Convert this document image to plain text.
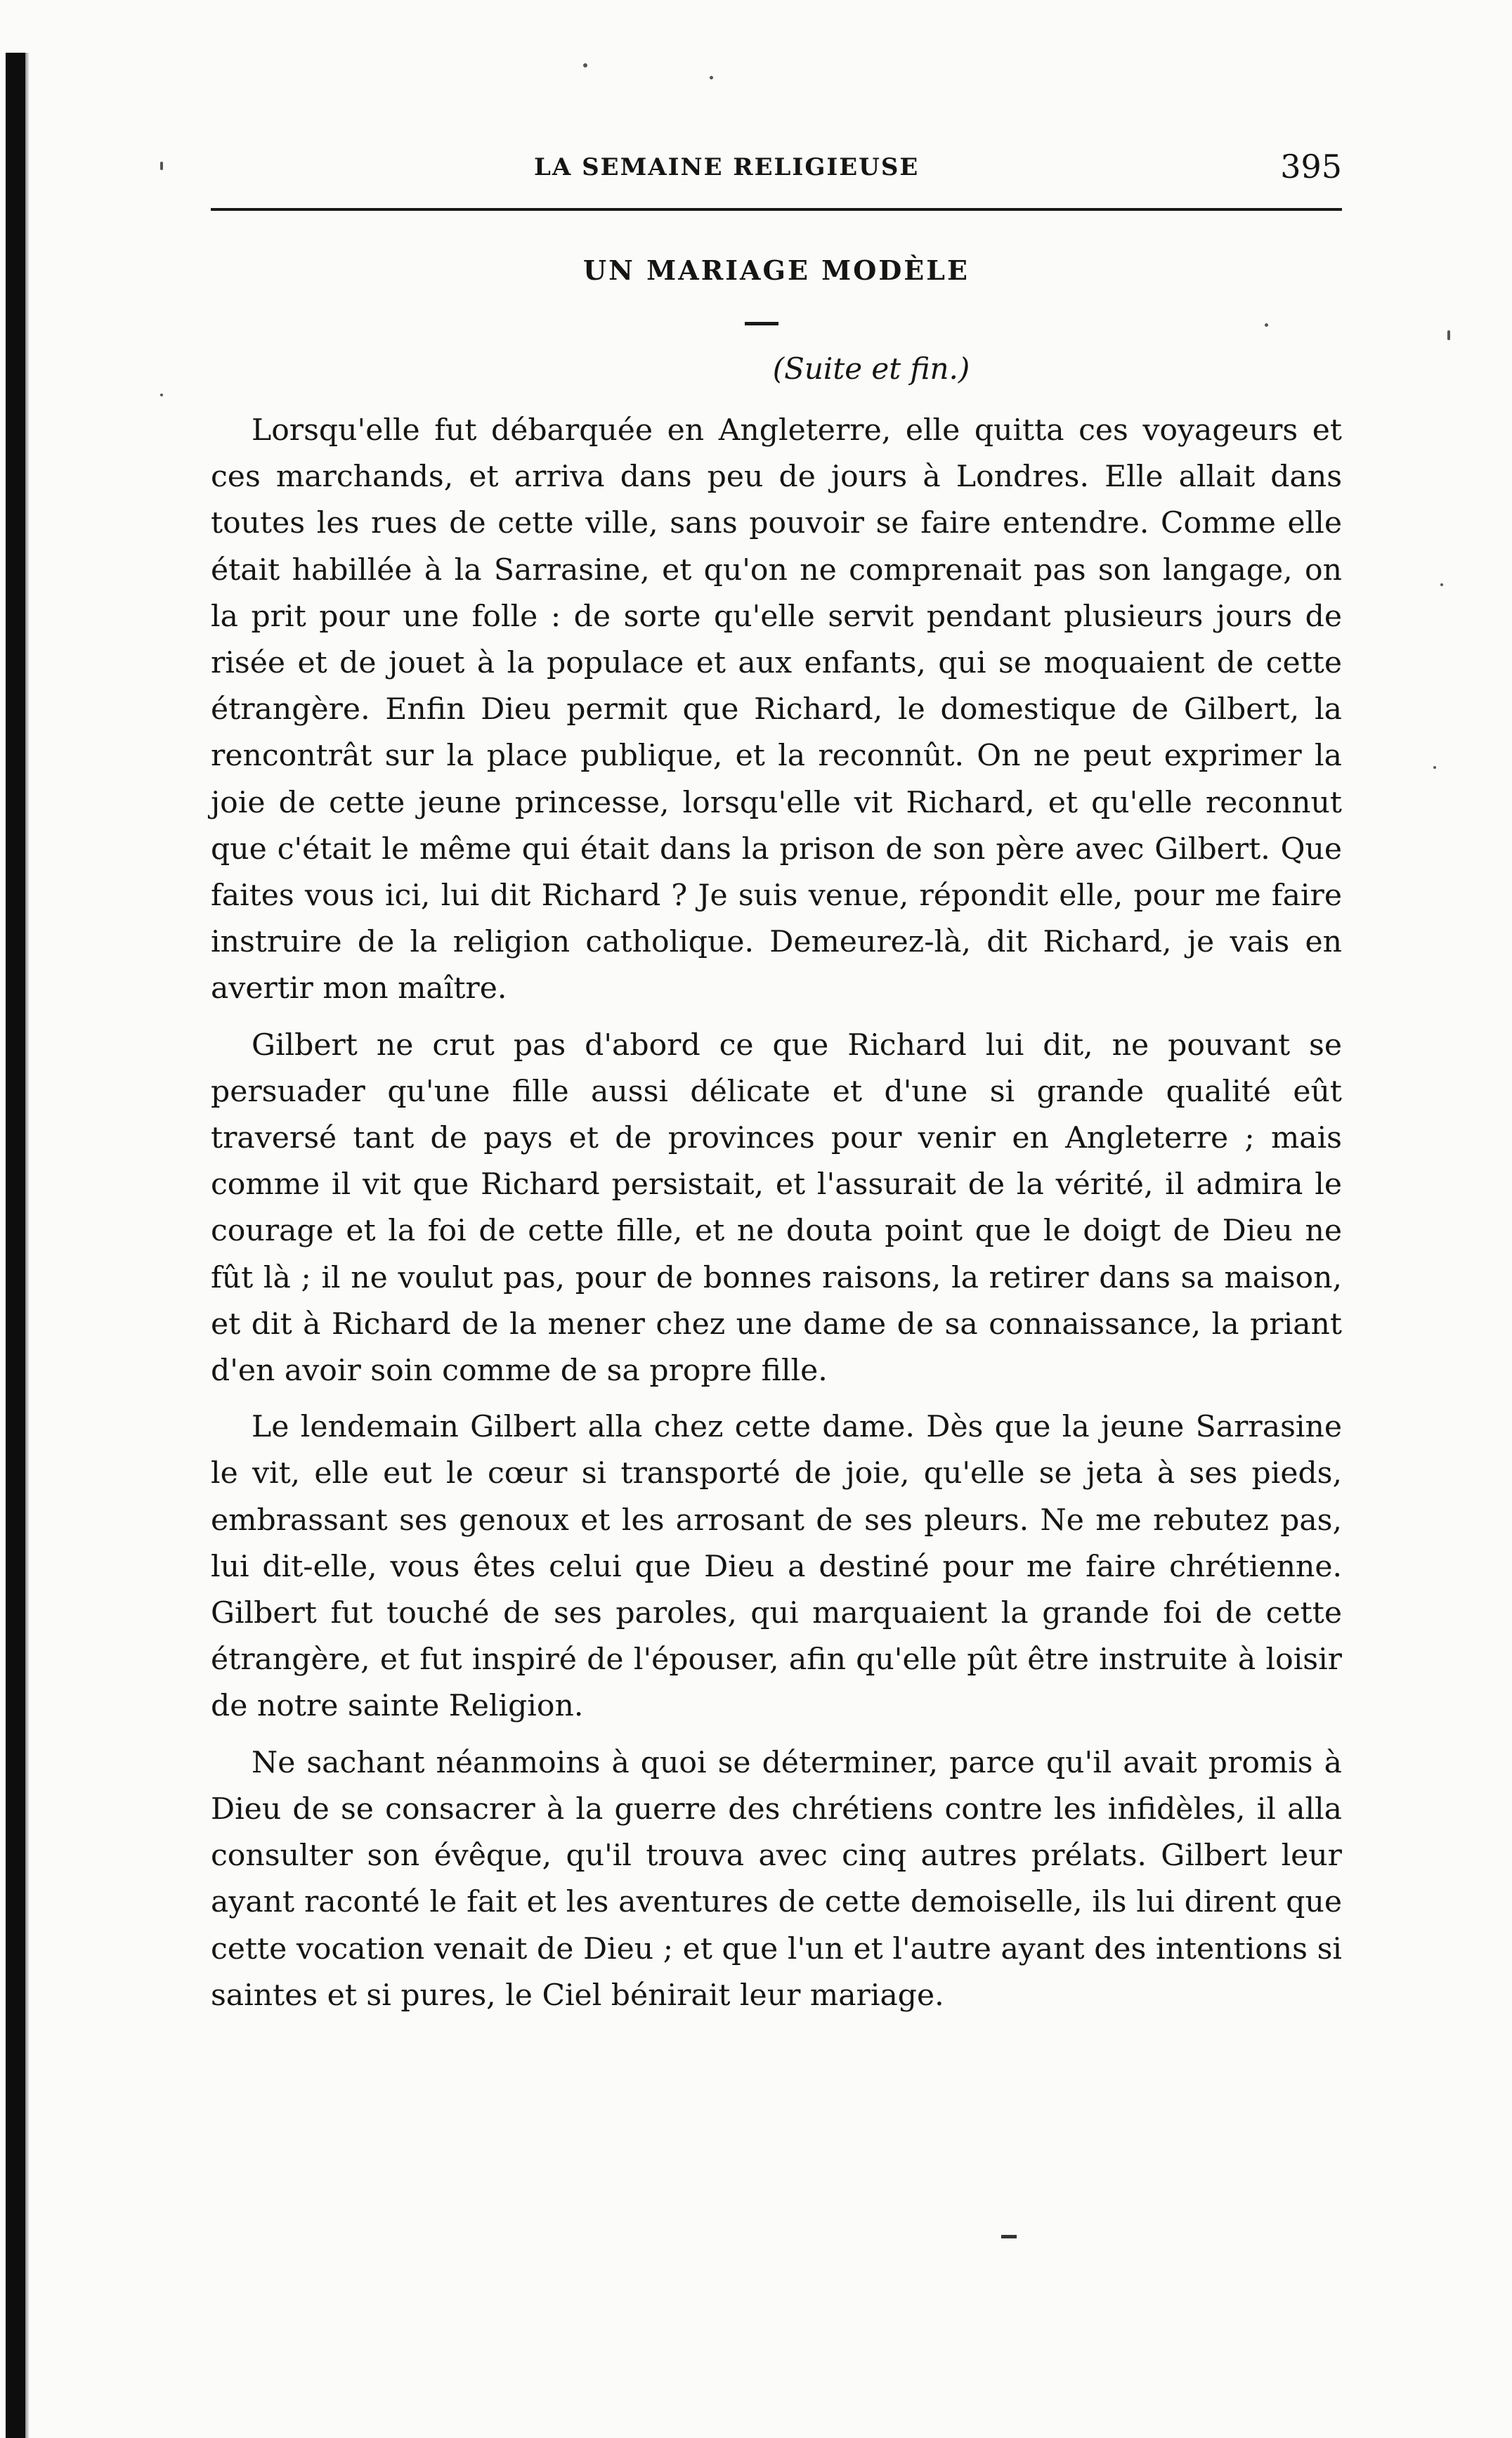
LA SEMAINE RELIGIEUSE	395
UN MARIAGE MODÈLE
(Suite et fin.)

Lorsqu'elle fut débarquée en Angleterre, elle quitta ces voyageurs et ces marchands, et arriva dans peu de jours à Londres. Elle allait dans toutes les rues de cette ville, sans pouvoir se faire entendre. Comme elle était habillée à la Sarrasine, et qu'on ne comprenait pas son langage, on la prit pour une folle : de sorte qu'elle servit pendant plusieurs jours de risée et de jouet à la populace et aux enfants, qui se moquaient de cette étrangère. Enfin Dieu permit que Richard, le domestique de Gilbert, la rencontrât sur la place publique, et la reconnût. On ne peut exprimer la joie de cette jeune princesse, lorsqu'elle vit Richard, et qu'elle reconnut que c'était le même qui était dans la prison de son père avec Gilbert. Que faites vous ici, lui dit Richard ? Je suis venue, répondit elle, pour me faire instruire de la religion catholique. Demeurez-là, dit Richard, je vais en avertir mon maître.

Gilbert ne crut pas d'abord ce que Richard lui dit, ne pouvant se persuader qu'une fille aussi délicate et d'une si grande qualité eût traversé tant de pays et de provinces pour venir en Angleterre ; mais comme il vit que Richard persistait, et l'assurait de la vérité, il admira le courage et la foi de cette fille, et ne douta point que le doigt de Dieu ne fût là ; il ne voulut pas, pour de bonnes raisons, la retirer dans sa maison, et dit à Richard de la mener chez une dame de sa connaissance, la priant d'en avoir soin comme de sa propre fille.

Le lendemain Gilbert alla chez cette dame. Dès que la jeune Sarrasine le vit, elle eut le cœur si transporté de joie, qu'elle se jeta à ses pieds, embrassant ses genoux et les arrosant de ses pleurs. Ne me rebutez pas, lui dit-elle, vous êtes celui que Dieu a destiné pour me faire chrétienne. Gilbert fut touché de ses paroles, qui marquaient la grande foi de cette étrangère, et fut inspiré de l'épouser, afin qu'elle pût être instruite à loisir de notre sainte Religion.

Ne sachant néanmoins à quoi se déterminer, parce qu'il avait promis à Dieu de se consacrer à la guerre des chrétiens contre les infidèles, il alla consulter son évêque, qu'il trouva avec cinq autres prélats. Gilbert leur ayant raconté le fait et les aventures de cette demoiselle, ils lui dirent que cette vocation venait de Dieu ; et que l'un et l'autre ayant des intentions si saintes et si pures, le Ciel bénirait leur mariage.
